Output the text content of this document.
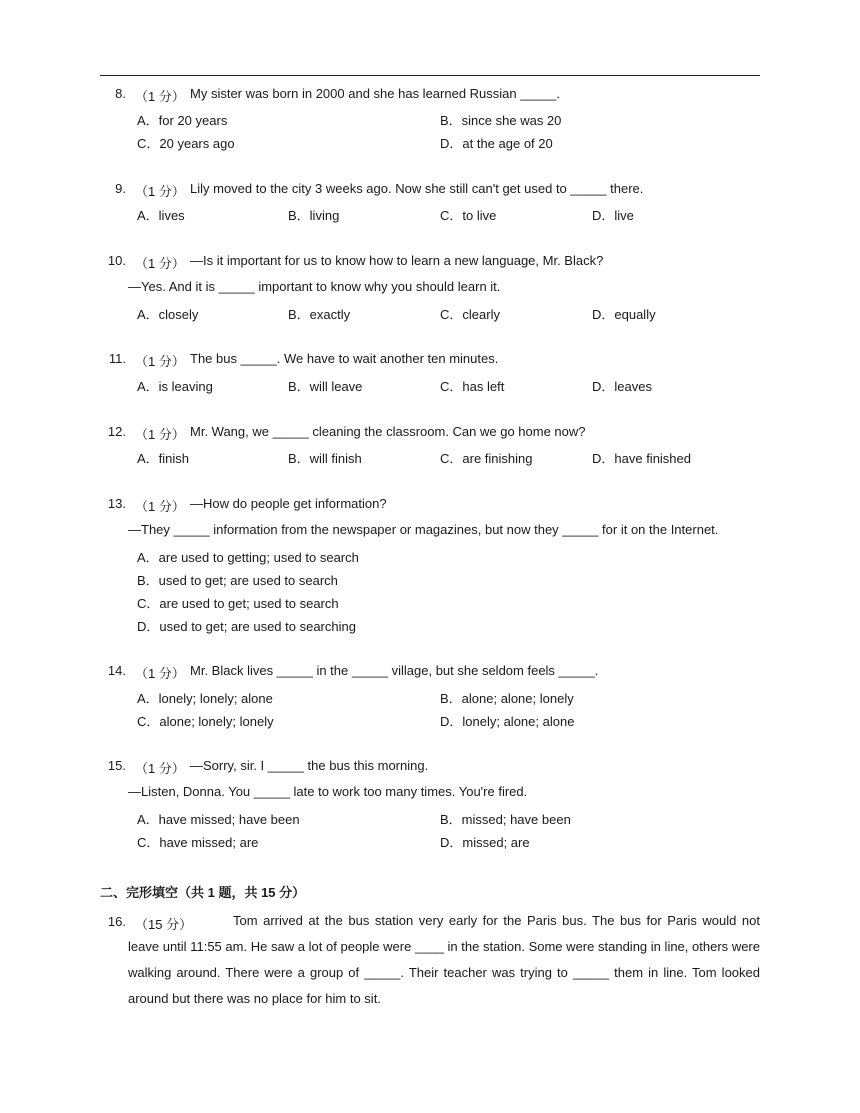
8. （1 分） My sister was born in 2000 and she has learned Russian _____.
A．for 20 years	B．since she was 20
C．20 years ago	D．at the age of 20
9. （1 分） Lily moved to the city 3 weeks ago. Now she still can't get used to _____ there.
A．lives	B．living	C．to live	D．live
10. （1 分） —Is it important for us to know how to learn a new language, Mr. Black?
—Yes. And it is _____ important to know why you should learn it.
A．closely	B．exactly	C．clearly	D．equally
11. （1 分） The bus _____. We have to wait another ten minutes.
A．is leaving	B．will leave	C．has left	D．leaves
12. （1 分） Mr. Wang, we _____ cleaning the classroom. Can we go home now?
A．finish	B．will finish	C．are finishing	D．have finished
13. （1 分） —How do people get information?
—They _____ information from the newspaper or magazines, but now they _____ for it on the Internet.
A．are used to getting; used to search
B．used to get; are used to search
C．are used to get; used to search
D．used to get; are used to searching
14. （1 分） Mr. Black lives _____ in the _____ village, but she seldom feels _____.
A．lonely; lonely; alone	B．alone; alone; lonely
C．alone; lonely; lonely	D．lonely; alone; alone
15. （1 分） —Sorry, sir. I _____ the bus this morning.
—Listen, Donna. You _____ late to work too many times. You're fired.
A．have missed; have been	B．missed; have been
C．have missed; are	D．missed; are
二、完形填空（共 1 题，共 15 分）
16. （15 分）	Tom arrived at the bus station very early for the Paris bus. The bus for Paris would not leave until 11:55 am. He saw a lot of people were ____ in the station. Some were standing in line, others were walking around. There were a group of _____. Their teacher was trying to _____ them in line. Tom looked around but there was no place for him to sit.
